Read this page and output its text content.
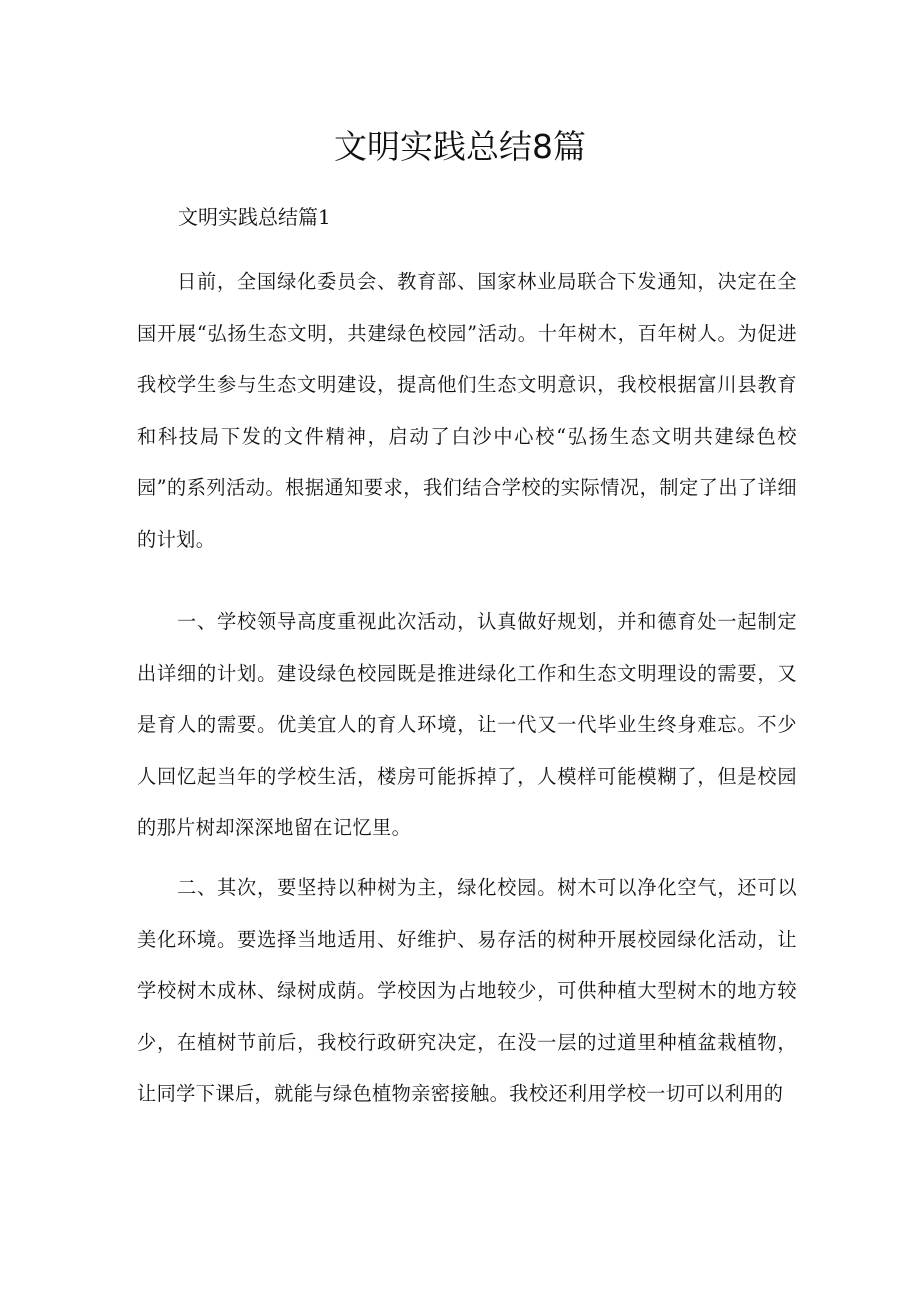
文明实践总结8篇

文明实践总结篇1

日前，全国绿化委员会、教育部、国家林业局联合下发通知，决定在全国开展“弘扬生态文明，共建绿色校园”活动。十年树木，百年树人。为促进我校学生参与生态文明建设，提高他们生态文明意识，我校根据富川县教育和科技局下发的文件精神，启动了白沙中心校“弘扬生态文明共建绿色校园”的系列活动。根据通知要求，我们结合学校的实际情况，制定了出了详细的计划。

一、学校领导高度重视此次活动，认真做好规划，并和德育处一起制定出详细的计划。建设绿色校园既是推进绿化工作和生态文明理设的需要，又是育人的需要。优美宜人的育人环境，让一代又一代毕业生终身难忘。不少人回忆起当年的学校生活，楼房可能拆掉了，人模样可能模糊了，但是校园的那片树却深深地留在记忆里。

二、其次，要坚持以种树为主，绿化校园。树木可以净化空气，还可以美化环境。要选择当地适用、好维护、易存活的树种开展校园绿化活动，让学校树木成林、绿树成荫。学校因为占地较少，可供种植大型树木的地方较少，在植树节前后，我校行政研究决定，在没一层的过道里种植盆栽植物，让同学下课后，就能与绿色植物亲密接触。我校还利用学校一切可以利用的
